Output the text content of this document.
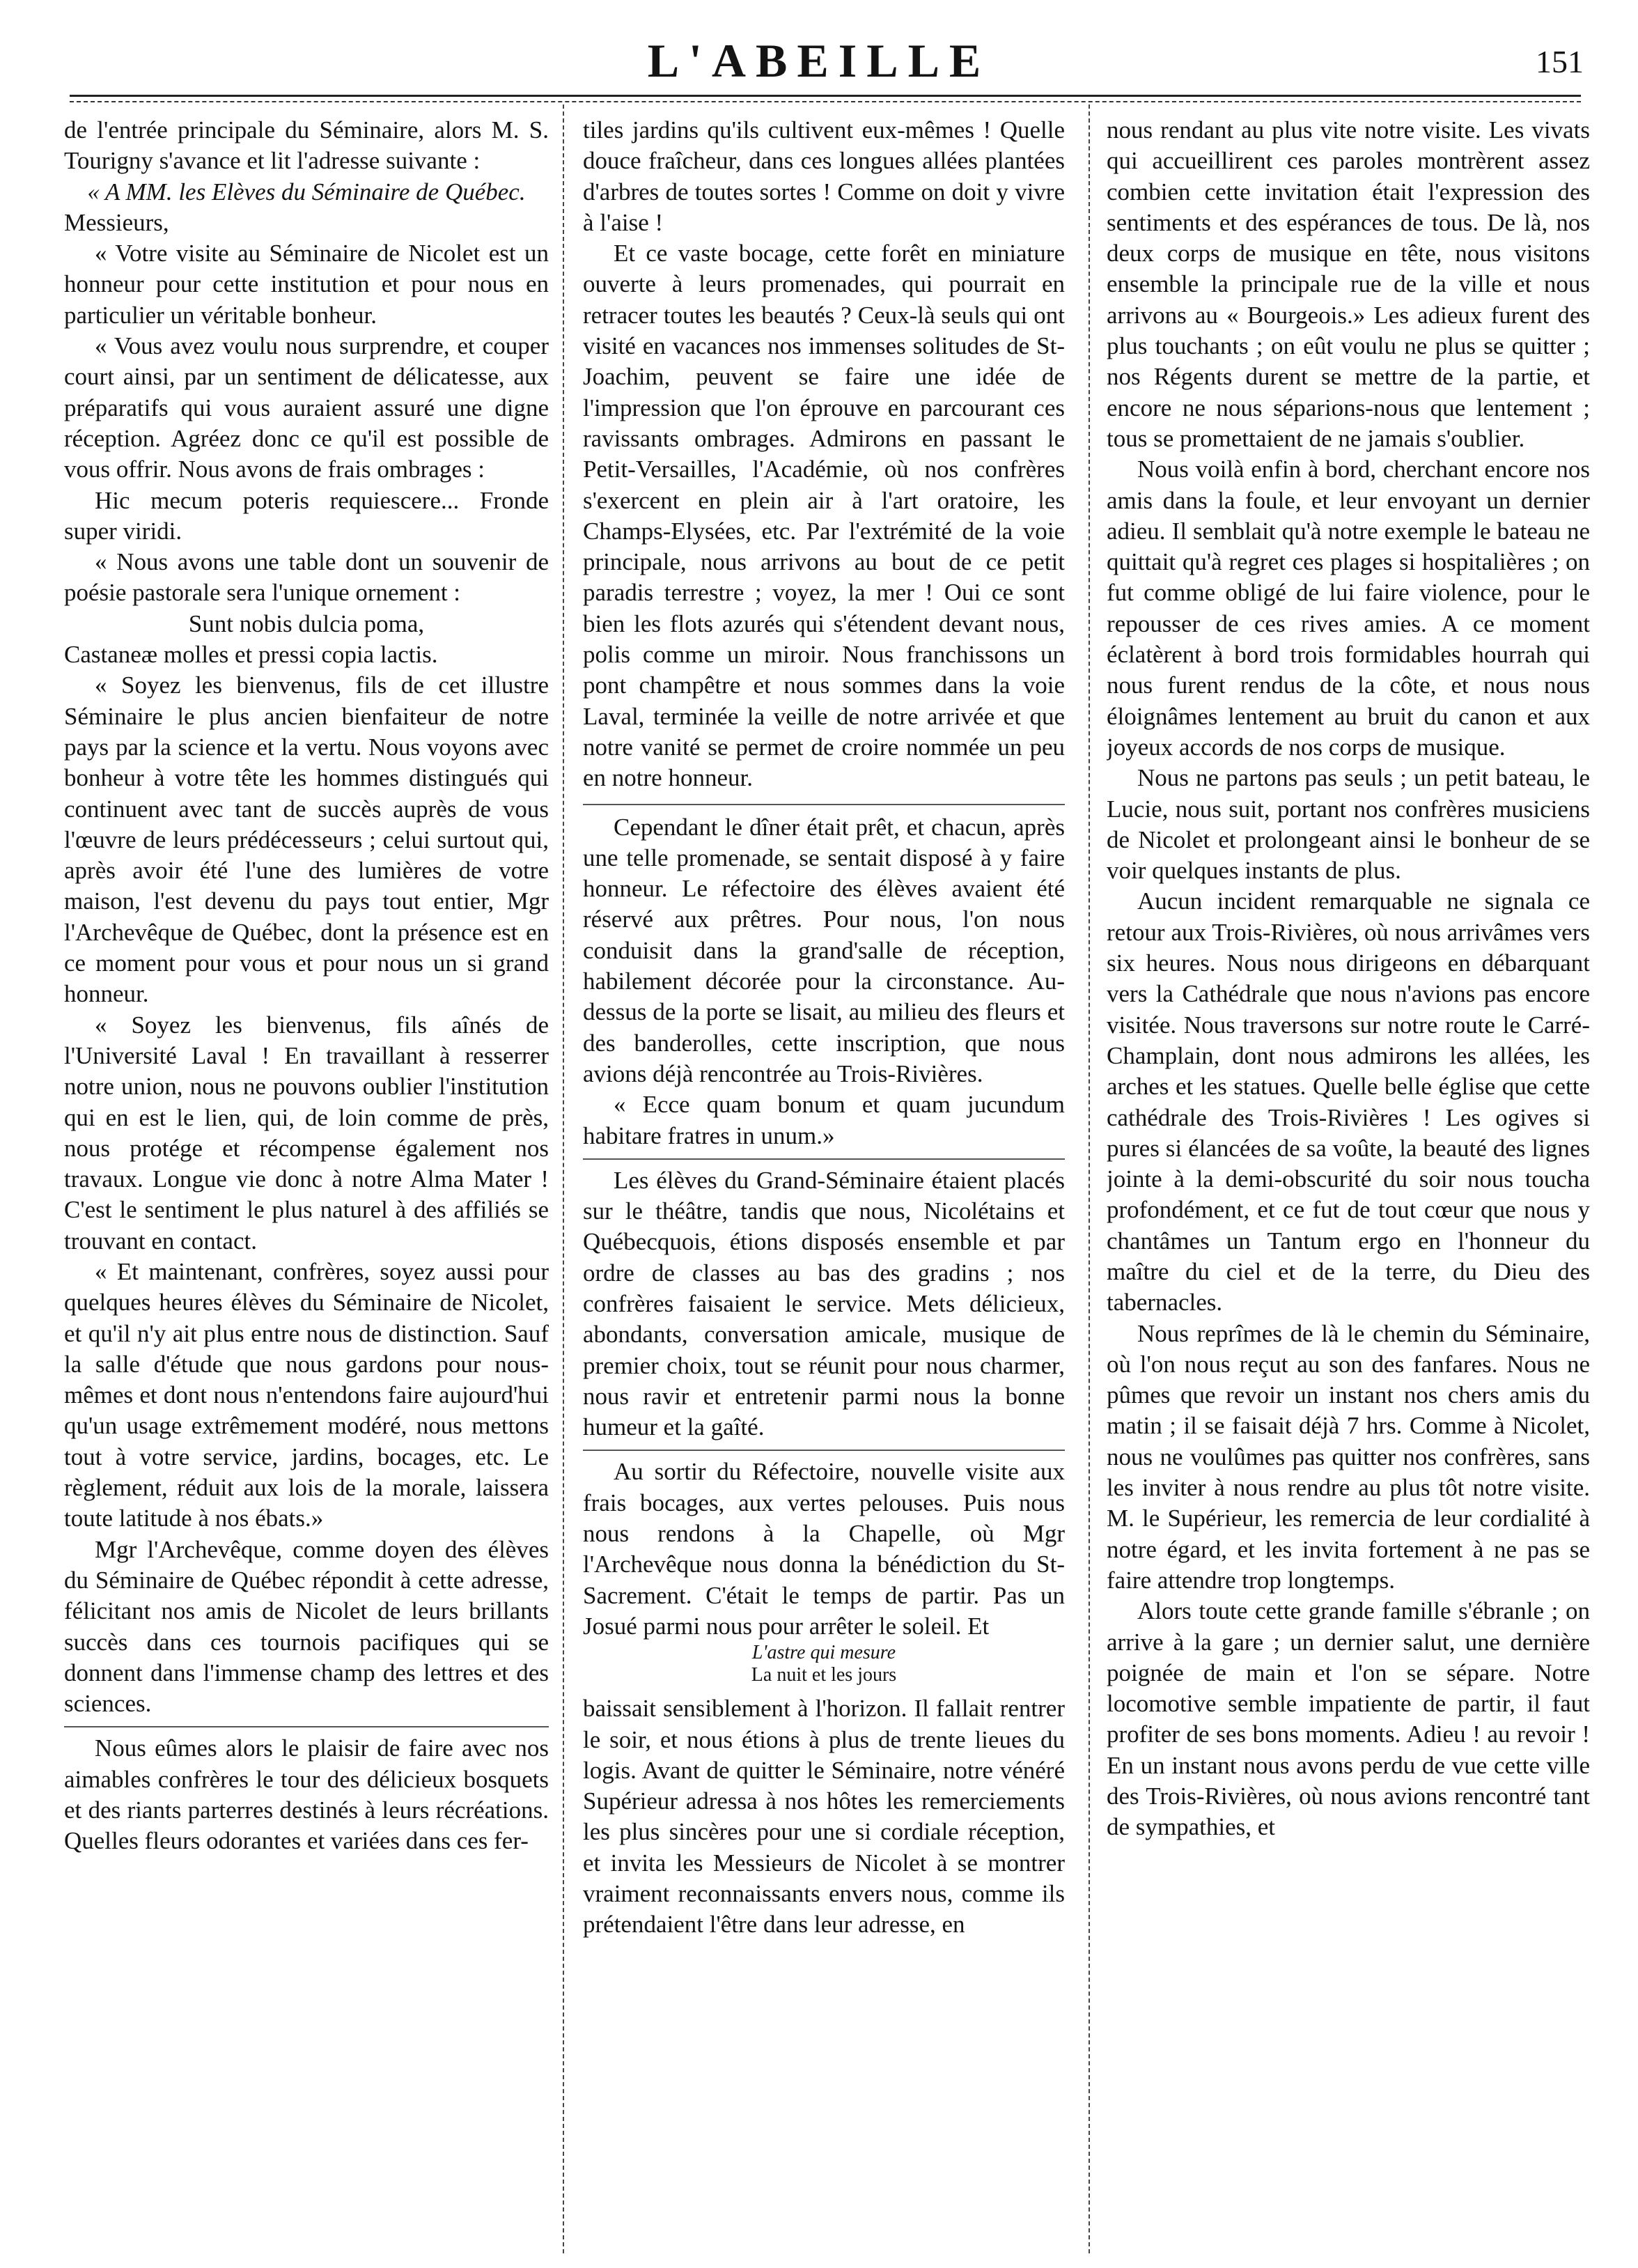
L'ABEILLE	151

de l'entrée principale du Séminaire, alors M. S. Tourigny s'avance et lit l'adresse suivante :

« A MM. les Elèves du Séminaire de Québec.

Messieurs,

« Votre visite au Séminaire de Nicolet est un honneur pour cette institution et pour nous en particulier un véritable bonheur.

« Vous avez voulu nous surprendre, et couper court ainsi, par un sentiment de délicatesse, aux préparatifs qui vous auraient assuré une digne réception. Agréez donc ce qu'il est possible de vous offrir. Nous avons de frais ombrages :

Hic mecum poteris requiescere... Fronde super viridi.

« Nous avons une table dont un souvenir de poésie pastorale sera l'unique ornement :

Sunt nobis dulcia poma,

Castaneæ molles et pressi copia lactis.

« Soyez les bienvenus, fils de cet illustre Séminaire le plus ancien bienfaiteur de notre pays par la science et la vertu. Nous voyons avec bonheur à votre tête les hommes distingués qui continuent avec tant de succès auprès de vous l'œuvre de leurs prédécesseurs ; celui surtout qui, après avoir été l'une des lumières de votre maison, l'est devenu du pays tout entier, Mgr l'Archevêque de Québec, dont la présence est en ce moment pour vous et pour nous un si grand honneur.

« Soyez les bienvenus, fils aînés de l'Université Laval ! En travaillant à resserrer notre union, nous ne pouvons oublier l'institution qui en est le lien, qui, de loin comme de près, nous protége et récompense également nos travaux. Longue vie donc à notre Alma Mater ! C'est le sentiment le plus naturel à des affiliés se trouvant en contact.

« Et maintenant, confrères, soyez aussi pour quelques heures élèves du Séminaire de Nicolet, et qu'il n'y ait plus entre nous de distinction. Sauf la salle d'étude que nous gardons pour nous-mêmes et dont nous n'entendons faire aujourd'hui qu'un usage extrêmement modéré, nous mettons tout à votre service, jardins, bocages, etc. Le règlement, réduit aux lois de la morale, laissera toute latitude à nos ébats.»

Mgr l'Archevêque, comme doyen des élèves du Séminaire de Québec répondit à cette adresse, félicitant nos amis de Nicolet de leurs brillants succès dans ces tournois pacifiques qui se donnent dans l'immense champ des lettres et des sciences.

Nous eûmes alors le plaisir de faire avec nos aimables confrères le tour des délicieux bosquets et des riants parterres destinés à leurs récréations. Quelles fleurs odorantes et variées dans ces fer-

tiles jardins qu'ils cultivent eux-mêmes ! Quelle douce fraîcheur, dans ces longues allées plantées d'arbres de toutes sortes ! Comme on doit y vivre à l'aise !

Et ce vaste bocage, cette forêt en miniature ouverte à leurs promenades, qui pourrait en retracer toutes les beautés ? Ceux-là seuls qui ont visité en vacances nos immenses solitudes de St-Joachim, peuvent se faire une idée de l'impression que l'on éprouve en parcourant ces ravissants ombrages. Admirons en passant le Petit-Versailles, l'Académie, où nos confrères s'exercent en plein air à l'art oratoire, les Champs-Elysées, etc. Par l'extrémité de la voie principale, nous arrivons au bout de ce petit paradis terrestre ; voyez, la mer ! Oui ce sont bien les flots azurés qui s'étendent devant nous, polis comme un miroir. Nous franchissons un pont champêtre et nous sommes dans la voie Laval, terminée la veille de notre arrivée et que notre vanité se permet de croire nommée un peu en notre honneur.

Cependant le dîner était prêt, et chacun, après une telle promenade, se sentait disposé à y faire honneur. Le réfectoire des élèves avaient été réservé aux prêtres. Pour nous, l'on nous conduisit dans la grand'salle de réception, habilement décorée pour la circonstance. Au-dessus de la porte se lisait, au milieu des fleurs et des banderolles, cette inscription, que nous avions déjà rencontrée au Trois-Rivières.

« Ecce quam bonum et quam jucundum habitare fratres in unum.»

Les élèves du Grand-Séminaire étaient placés sur le théâtre, tandis que nous, Nicolétains et Québecquois, étions disposés ensemble et par ordre de classes au bas des gradins ; nos confrères faisaient le service. Mets délicieux, abondants, conversation amicale, musique de premier choix, tout se réunit pour nous charmer, nous ravir et entretenir parmi nous la bonne humeur et la gaîté.

Au sortir du Réfectoire, nouvelle visite aux frais bocages, aux vertes pelouses. Puis nous nous rendons à la Chapelle, où Mgr l'Archevêque nous donna la bénédiction du St-Sacrement. C'était le temps de partir. Pas un Josué parmi nous pour arrêter le soleil. Et

L'astre qui mesure

La nuit et les jours

baissait sensiblement à l'horizon. Il fallait rentrer le soir, et nous étions à plus de trente lieues du logis. Avant de quitter le Séminaire, notre vénéré Supérieur adressa à nos hôtes les remerciements les plus sincères pour une si cordiale réception, et invita les Messieurs de Nicolet à se montrer vraiment reconnaissants envers nous, comme ils prétendaient l'être dans leur adresse, en

nous rendant au plus vite notre visite. Les vivats qui accueillirent ces paroles montrèrent assez combien cette invitation était l'expression des sentiments et des espérances de tous. De là, nos deux corps de musique en tête, nous visitons ensemble la principale rue de la ville et nous arrivons au « Bourgeois.» Les adieux furent des plus touchants ; on eût voulu ne plus se quitter ; nos Régents durent se mettre de la partie, et encore ne nous séparions-nous que lentement ; tous se promettaient de ne jamais s'oublier.

Nous voilà enfin à bord, cherchant encore nos amis dans la foule, et leur envoyant un dernier adieu. Il semblait qu'à notre exemple le bateau ne quittait qu'à regret ces plages si hospitalières ; on fut comme obligé de lui faire violence, pour le repousser de ces rives amies. A ce moment éclatèrent à bord trois formidables hourrah qui nous furent rendus de la côte, et nous nous éloignâmes lentement au bruit du canon et aux joyeux accords de nos corps de musique.

Nous ne partons pas seuls ; un petit bateau, le Lucie, nous suit, portant nos confrères musiciens de Nicolet et prolongeant ainsi le bonheur de se voir quelques instants de plus.

Aucun incident remarquable ne signala ce retour aux Trois-Rivières, où nous arrivâmes vers six heures. Nous nous dirigeons en débarquant vers la Cathédrale que nous n'avions pas encore visitée. Nous traversons sur notre route le Carré-Champlain, dont nous admirons les allées, les arches et les statues. Quelle belle église que cette cathédrale des Trois-Rivières ! Les ogives si pures si élancées de sa voûte, la beauté des lignes jointe à la demi-obscurité du soir nous toucha profondément, et ce fut de tout cœur que nous y chantâmes un Tantum ergo en l'honneur du maître du ciel et de la terre, du Dieu des tabernacles.

Nous reprîmes de là le chemin du Séminaire, où l'on nous reçut au son des fanfares. Nous ne pûmes que revoir un instant nos chers amis du matin ; il se faisait déjà 7 hrs. Comme à Nicolet, nous ne voulûmes pas quitter nos confrères, sans les inviter à nous rendre au plus tôt notre visite. M. le Supérieur, les remercia de leur cordialité à notre égard, et les invita fortement à ne pas se faire attendre trop longtemps.

Alors toute cette grande famille s'ébranle ; on arrive à la gare ; un dernier salut, une dernière poignée de main et l'on se sépare. Notre locomotive semble impatiente de partir, il faut profiter de ses bons moments. Adieu ! au revoir ! En un instant nous avons perdu de vue cette ville des Trois-Rivières, où nous avions rencontré tant de sympathies, et
